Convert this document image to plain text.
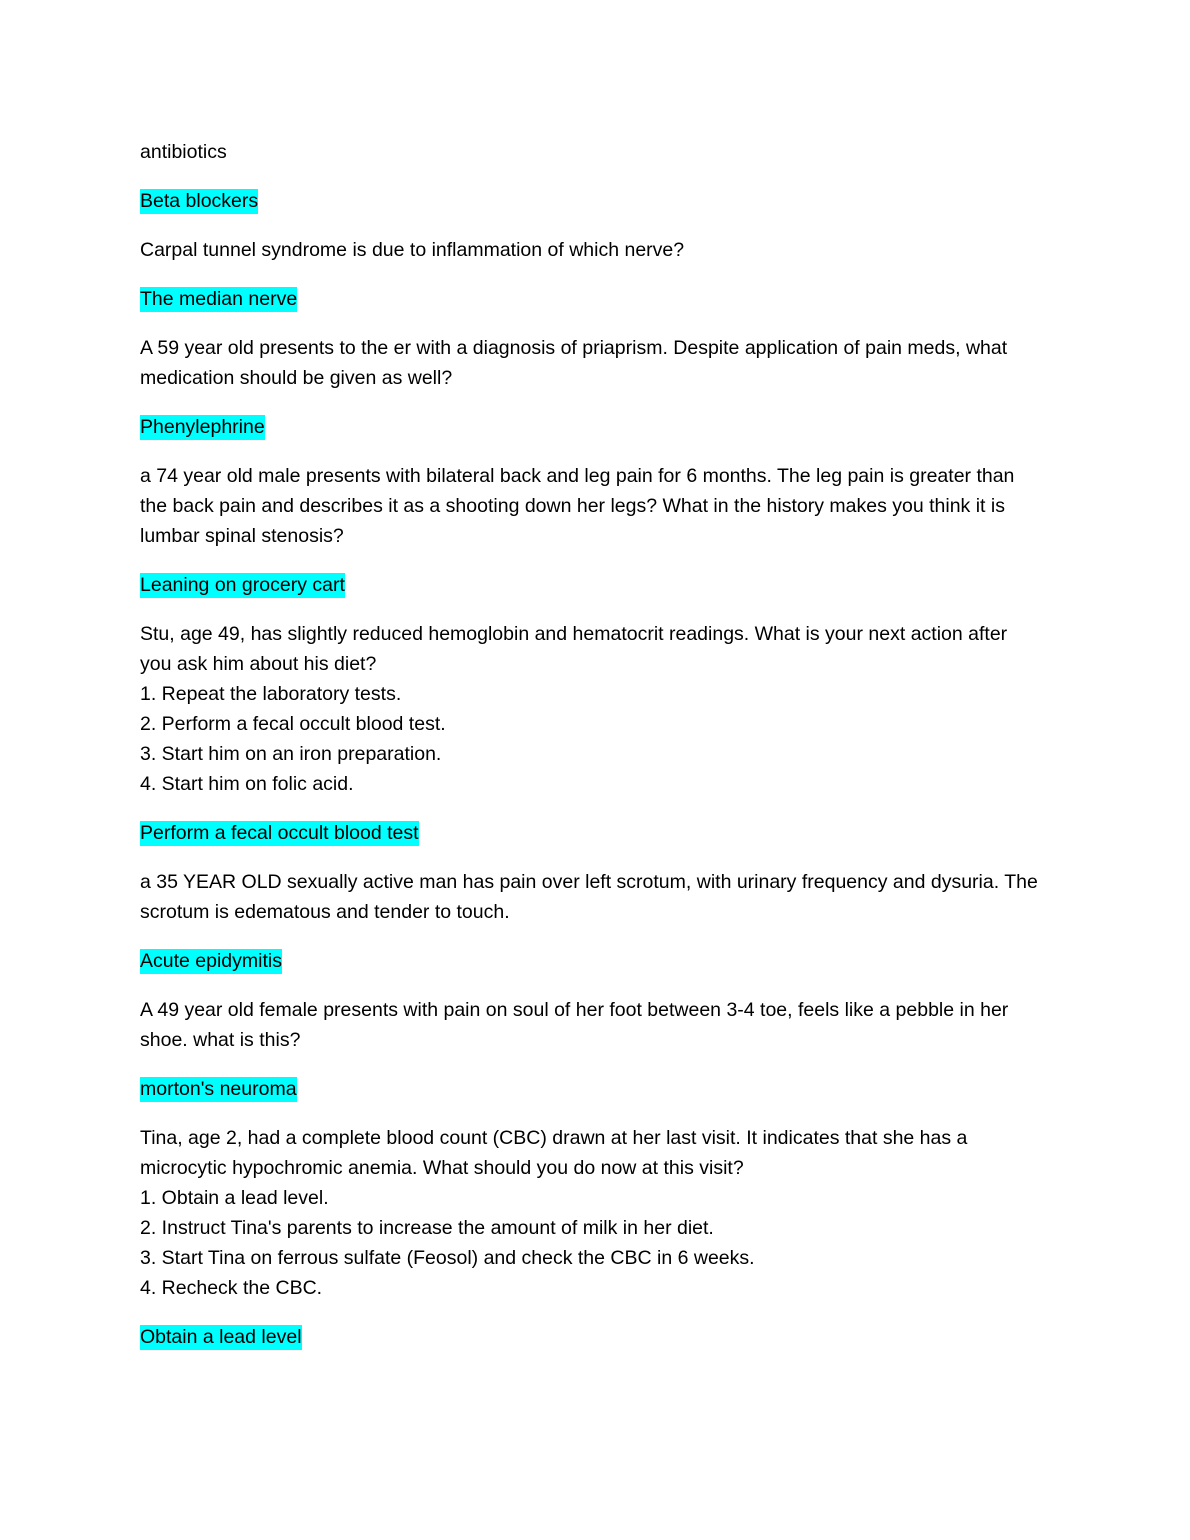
antibiotics

Beta blockers

Carpal tunnel syndrome is due to inflammation of which nerve?

The median nerve

A 59 year old presents to the er with a diagnosis of priaprism. Despite application of pain meds, what medication should be given as well?

Phenylephrine

a 74 year old male presents with bilateral back and leg pain for 6 months. The leg pain is greater than the back pain and describes it as a shooting down her legs? What in the history makes you think it is lumbar spinal stenosis?

Leaning on grocery cart

Stu, age 49, has slightly reduced hemoglobin and hematocrit readings. What is your next action after you ask him about his diet?

1. Repeat the laboratory tests.

2. Perform a fecal occult blood test.

3. Start him on an iron preparation.

4. Start him on folic acid.

Perform a fecal occult blood test

a 35 YEAR OLD sexually active man has pain over left scrotum, with urinary frequency and dysuria. The scrotum is edematous and tender to touch.

Acute epidymitis

A 49 year old female presents with pain on soul of her foot between 3-4 toe, feels like a pebble in her shoe. what is this?

morton's neuroma

Tina, age 2, had a complete blood count (CBC) drawn at her last visit. It indicates that she has a microcytic hypochromic anemia. What should you do now at this visit?

1. Obtain a lead level.

2. Instruct Tina's parents to increase the amount of milk in her diet.

3. Start Tina on ferrous sulfate (Feosol) and check the CBC in 6 weeks.

4. Recheck the CBC.

Obtain a lead level
